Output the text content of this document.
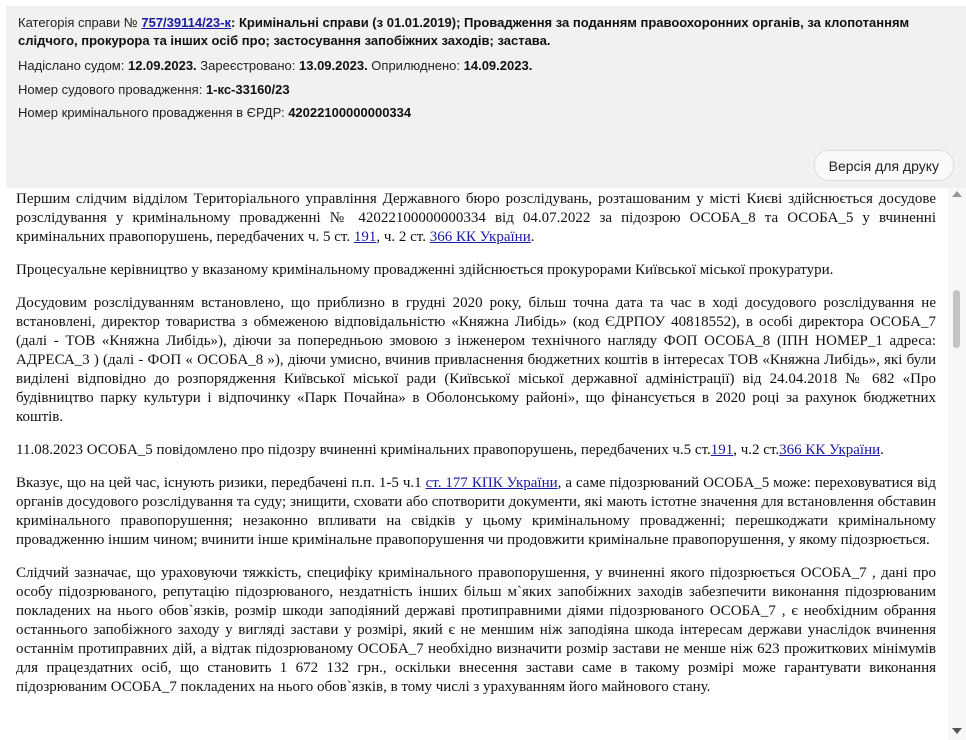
Категорія справи № 757/39114/23-к: Кримінальні справи (з 01.01.2019); Провадження за поданням правоохоронних органів, за клопотанням слідчого, прокурора та інших осіб про; застосування запобіжних заходів; застава.
Надіслано судом: 12.09.2023. Зареєстровано: 13.09.2023. Оприлюднено: 14.09.2023.
Номер судового провадження: 1-кс-33160/23
Номер кримінального провадження в ЄРДР: 42022100000000334
Версія для друку

Першим слідчим відділом Територіального управління Державного бюро розслідувань, розташованим у місті Києві здійснюється досудове розслідування у кримінальному провадженні № 42022100000000334 від 04.07.2022 за підозрою ОСОБА_8 та ОСОБА_5 у вчиненні кримінальних правопорушень, передбачених ч. 5 ст. 191, ч. 2 ст. 366 КК України.

Процесуальне керівництво у вказаному кримінальному провадженні здійснюється прокурорами Київської міської прокуратури.

Досудовим розслідуванням встановлено, що приблизно в грудні 2020 року, більш точна дата та час в ході досудового розслідування не встановлені, директор товариства з обмеженою відповідальністю «Княжна Либідь» (код ЄДРПОУ 40818552), в особі директора ОСОБА_7 (далі - ТОВ «Княжна Либідь»), діючи за попередньою змовою з інженером технічного нагляду ФОП ОСОБА_8 (ІПН НОМЕР_1 адреса: АДРЕСА_3 ) (далі - ФОП « ОСОБА_8 »), діючи умисно, вчинив привласнення бюджетних коштів в інтересах ТОВ «Княжна Либідь», які були виділені відповідно до розпорядження Київської міської ради (Київської міської державної адміністрації) від 24.04.2018 № 682 «Про будівництво парку культури і відпочинку «Парк Почайна» в Оболонському районі», що фінансується в 2020 році за рахунок бюджетних коштів.

11.08.2023 ОСОБА_5 повідомлено про підозру вчиненні кримінальних правопорушень, передбачених ч.5 ст.191, ч.2 ст.366 КК України.

Вказує, що на цей час, існують ризики, передбачені п.п. 1-5 ч.1 ст. 177 КПК України, а саме підозрюваний ОСОБА_5 може: переховуватися від органів досудового розслідування та суду; знищити, сховати або спотворити документи, які мають істотне значення для встановлення обставин кримінального правопорушення; незаконно впливати на свідків у цьому кримінальному провадженні; перешкоджати кримінальному провадженню іншим чином; вчинити інше кримінальне правопорушення чи продовжити кримінальне правопорушення, у якому підозрюється.

Слідчий зазначає, що ураховуючи тяжкість, специфіку кримінального правопорушення, у вчиненні якого підозрюється ОСОБА_7 , дані про особу підозрюваного, репутацію підозрюваного, нездатність інших більш м`яких запобіжних заходів забезпечити виконання підозрюваним покладених на нього обов`язків, розмір шкоди заподіяний державі протиправними діями підозрюваного ОСОБА_7 , є необхідним обрання останнього запобіжного заходу у вигляді застави у розмірі, який є не меншим ніж заподіяна шкода інтересам держави унаслідок вчинення останнім протиправних дій, а відтак підозрюваному ОСОБА_7 необхідно визначити розмір застави не менше ніж 623 прожиткових мінімумів для працездатних осіб, що становить 1 672 132 грн., оскільки внесення застави саме в такому розмірі може гарантувати виконання підозрюваним ОСОБА_7 покладених на нього обов`язків, в тому числі з урахуванням його майнового стану.
